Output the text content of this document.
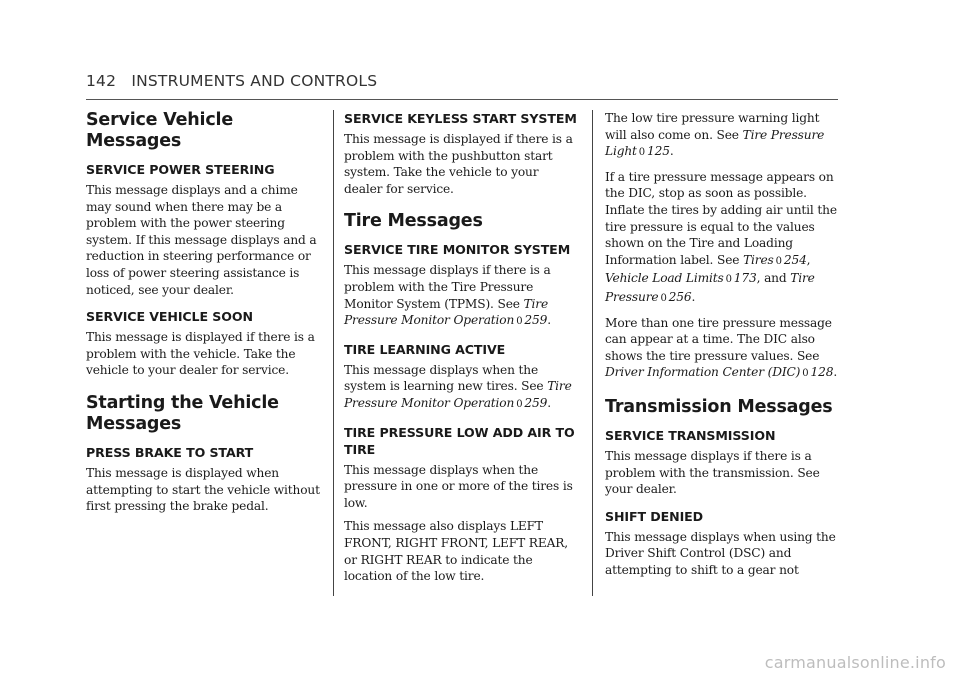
142 INSTRUMENTS AND CONTROLS
Service Vehicle Messages
SERVICE POWER STEERING

This message displays and a chime may sound when there may be a problem with the power steering system. If this message displays and a reduction in steering performance or loss of power steering assistance is noticed, see your dealer.

SERVICE VEHICLE SOON

This message is displayed if there is a problem with the vehicle. Take the vehicle to your dealer for service.

Starting the Vehicle Messages
PRESS BRAKE TO START

This message is displayed when attempting to start the vehicle without first pressing the brake pedal.

SERVICE KEYLESS START SYSTEM

This message is displayed if there is a problem with the pushbutton start system. Take the vehicle to your dealer for service.

Tire Messages
SERVICE TIRE MONITOR SYSTEM

This message displays if there is a problem with the Tire Pressure Monitor System (TPMS). See Tire Pressure Monitor Operation 0 259.

TIRE LEARNING ACTIVE

This message displays when the system is learning new tires. See Tire Pressure Monitor Operation 0 259.

TIRE PRESSURE LOW ADD AIR TO TIRE

This message displays when the pressure in one or more of the tires is low.

This message also displays LEFT FRONT, RIGHT FRONT, LEFT REAR, or RIGHT REAR to indicate the location of the low tire.

The low tire pressure warning light will also come on. See Tire Pressure Light 0 125.

If a tire pressure message appears on the DIC, stop as soon as possible. Inflate the tires by adding air until the tire pressure is equal to the values shown on the Tire and Loading Information label. See Tires 0 254, Vehicle Load Limits 0 173, and Tire Pressure 0 256.

More than one tire pressure message can appear at a time. The DIC also shows the tire pressure values. See Driver Information Center (DIC) 0 128.

Transmission Messages
SERVICE TRANSMISSION

This message displays if there is a problem with the transmission. See your dealer.

SHIFT DENIED

This message displays when using the Driver Shift Control (DSC) and attempting to shift to a gear not

carmanualsonline.info
